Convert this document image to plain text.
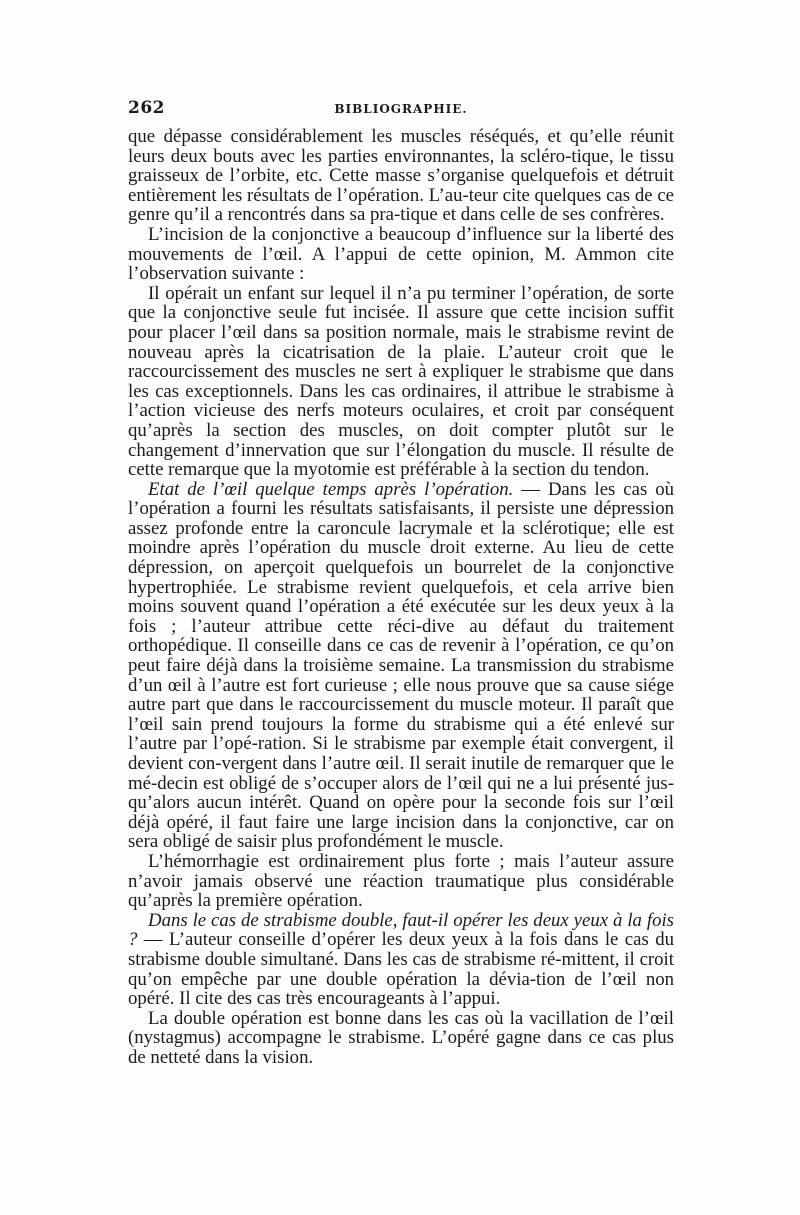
262	BIBLIOGRAPHIE.

que dépasse considérablement les muscles réséqués, et qu’elle réunit leurs deux bouts avec les parties environnantes, la scléro-tique, le tissu graisseux de l’orbite, etc. Cette masse s’organise quelquefois et détruit entièrement les résultats de l’opération. L’au-teur cite quelques cas de ce genre qu’il a rencontrés dans sa pra-tique et dans celle de ses confrères.

L’incision de la conjonctive a beaucoup d’influence sur la liberté des mouvements de l’œil. A l’appui de cette opinion, M. Ammon cite l’observation suivante :

Il opérait un enfant sur lequel il n’a pu terminer l’opération, de sorte que la conjonctive seule fut incisée. Il assure que cette incision suffit pour placer l’œil dans sa position normale, mais le strabisme revint de nouveau après la cicatrisation de la plaie. L’auteur croit que le raccourcissement des muscles ne sert à expliquer le strabisme que dans les cas exceptionnels. Dans les cas ordinaires, il attribue le strabisme à l’action vicieuse des nerfs moteurs oculaires, et croit par conséquent qu’après la section des muscles, on doit compter plutôt sur le changement d’innervation que sur l’élongation du muscle. Il résulte de cette remarque que la myotomie est préférable à la section du tendon.

Etat de l’œil quelque temps après l’opération. — Dans les cas où l’opération a fourni les résultats satisfaisants, il persiste une dépression assez profonde entre la caroncule lacrymale et la sclérotique; elle est moindre après l’opération du muscle droit externe. Au lieu de cette dépression, on aperçoit quelquefois un bourrelet de la conjonctive hypertrophiée. Le strabisme revient quelquefois, et cela arrive bien moins souvent quand l’opération a été exécutée sur les deux yeux à la fois ; l’auteur attribue cette réci-dive au défaut du traitement orthopédique. Il conseille dans ce cas de revenir à l’opération, ce qu’on peut faire déjà dans la troisième semaine. La transmission du strabisme d’un œil à l’autre est fort curieuse ; elle nous prouve que sa cause siége autre part que dans le raccourcissement du muscle moteur. Il paraît que l’œil sain prend toujours la forme du strabisme qui a été enlevé sur l’autre par l’opé-ration. Si le strabisme par exemple était convergent, il devient con-vergent dans l’autre œil. Il serait inutile de remarquer que le mé-decin est obligé de s’occuper alors de l’œil qui ne a lui présenté jus-qu’alors aucun intérêt. Quand on opère pour la seconde fois sur l’œil déjà opéré, il faut faire une large incision dans la conjonctive, car on sera obligé de saisir plus profondément le muscle.

L’hémorrhagie est ordinairement plus forte ; mais l’auteur assure n’avoir jamais observé une réaction traumatique plus considérable qu’après la première opération.

Dans le cas de strabisme double, faut-il opérer les deux yeux à la fois ? — L’auteur conseille d’opérer les deux yeux à la fois dans le cas du strabisme double simultané. Dans les cas de strabisme ré-mittent, il croit qu’on empêche par une double opération la dévia-tion de l’œil non opéré. Il cite des cas très encourageants à l’appui.

La double opération est bonne dans les cas où la vacillation de l’œil (nystagmus) accompagne le strabisme. L’opéré gagne dans ce cas plus de netteté dans la vision.
